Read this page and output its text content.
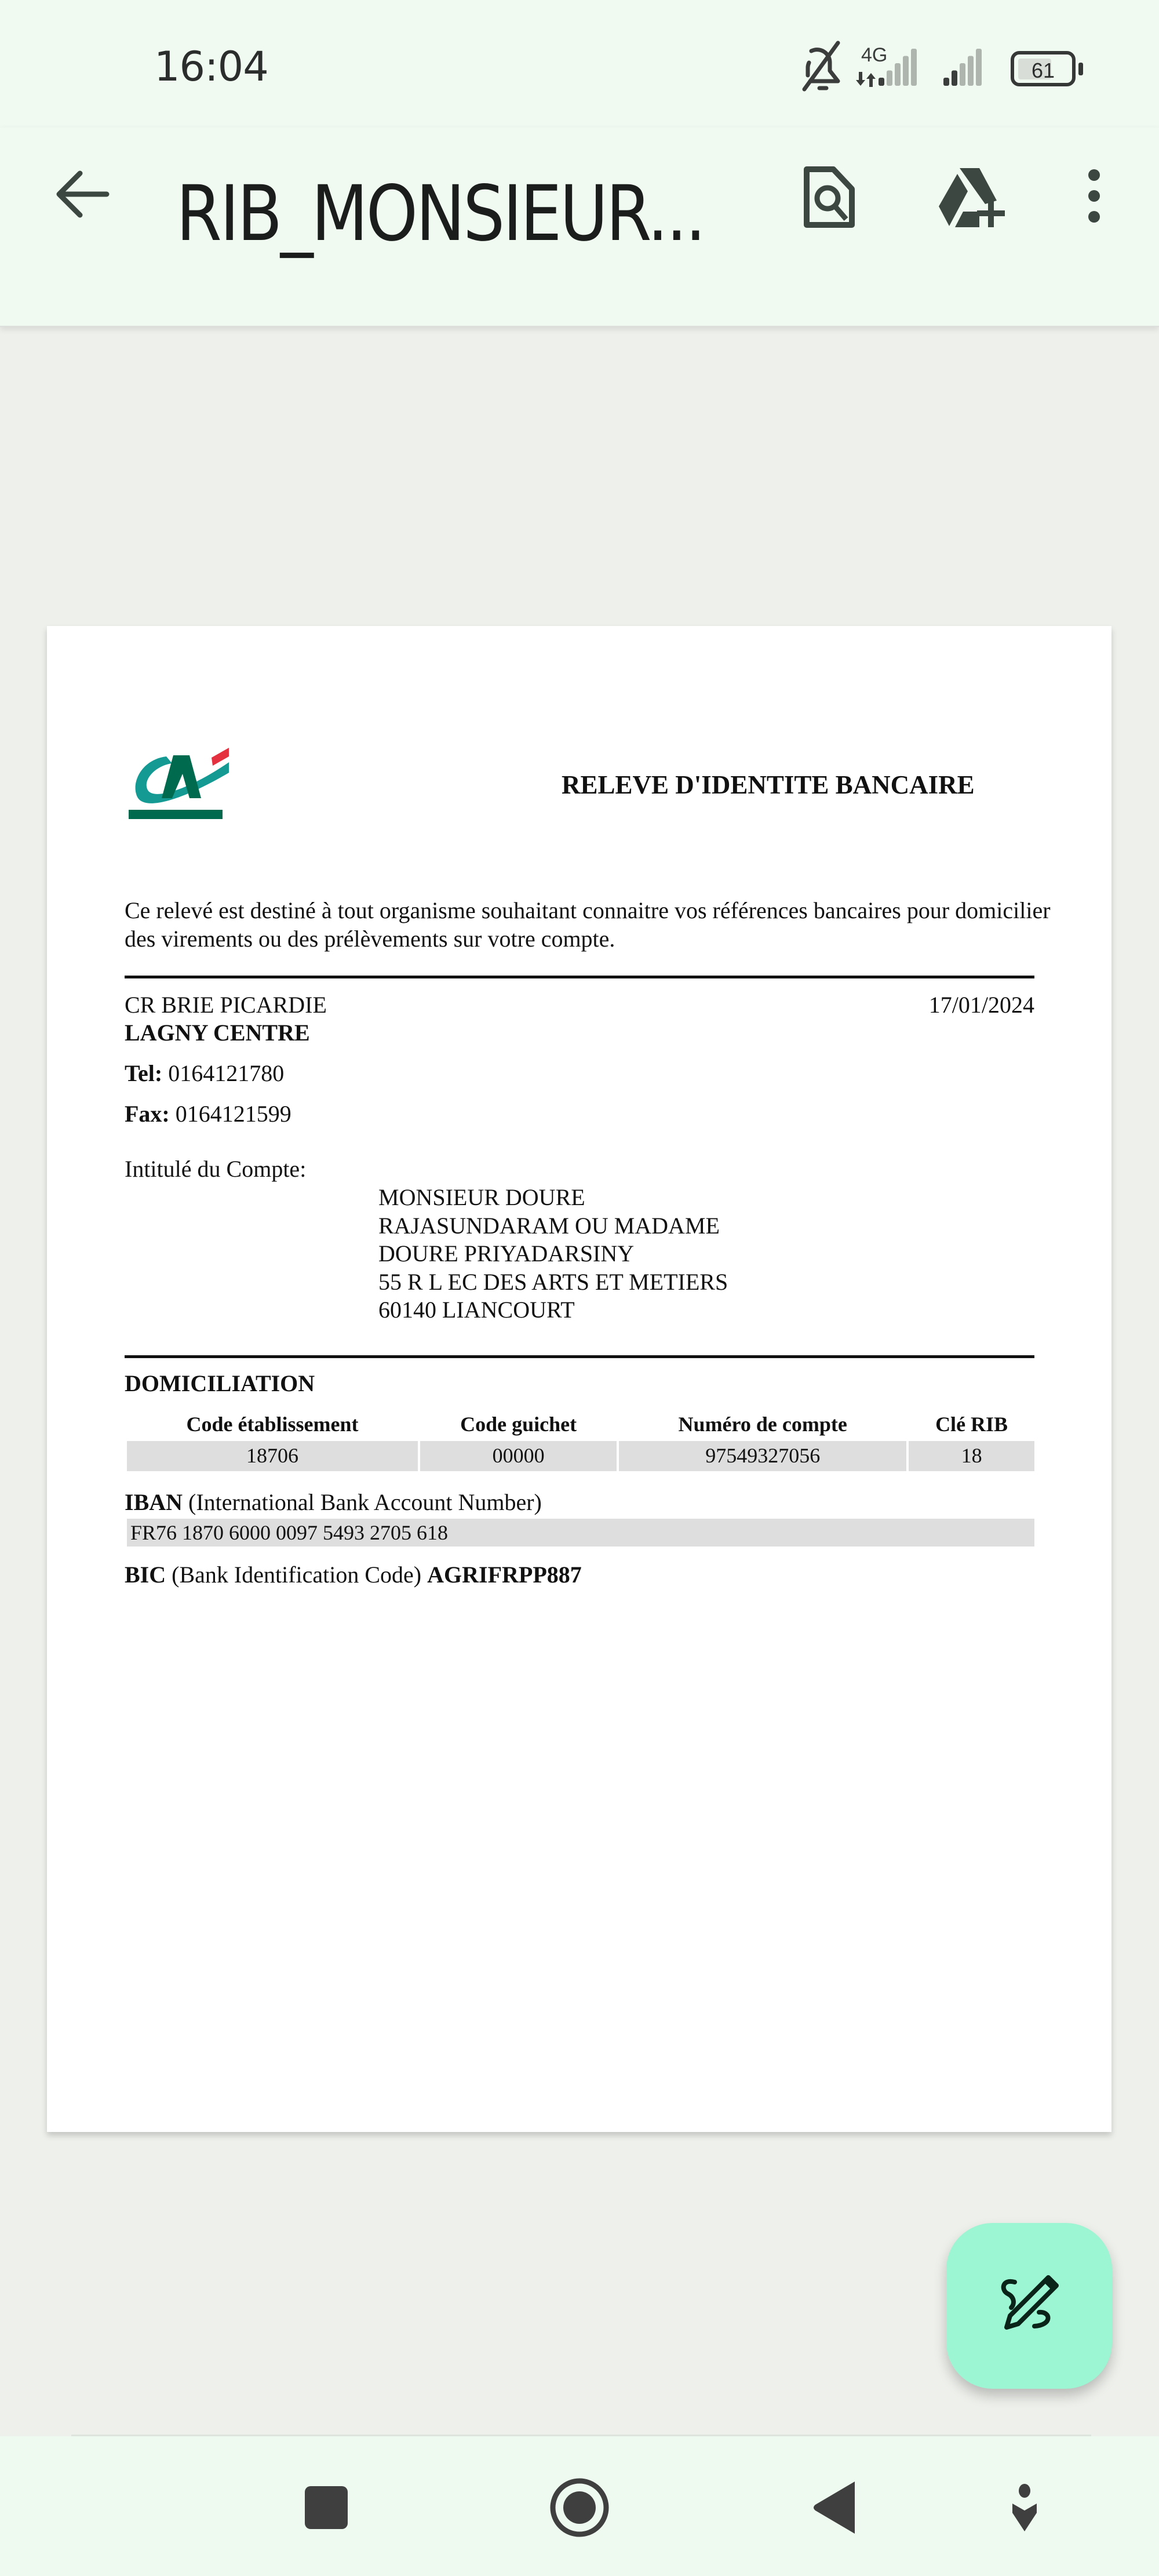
16:04	4G
61
RIB_MONSIEUR...
RELEVE D'IDENTITE BANCAIRE
Ce relevé est destiné à tout organisme souhaitant connaitre vos références bancaires pour domicilier des virements ou des prélèvements sur votre compte.
CR BRIE PICARDIE
LAGNY CENTRE
17/01/2024
Tel: 0164121780
Fax: 0164121599
Intitulé du Compte:
MONSIEUR DOURE
RAJASUNDARAM OU MADAME
DOURE PRIYADARSINY
55 R L EC DES ARTS ET METIERS
60140 LIANCOURT
DOMICILIATION
Code établissement	Code guichet	Numéro de compte	Clé RIB
18706	00000	97549327056	18
IBAN (International Bank Account Number)
FR76 1870 6000 0097 5493 2705 618
BIC (Bank Identification Code) AGRIFRPP887
